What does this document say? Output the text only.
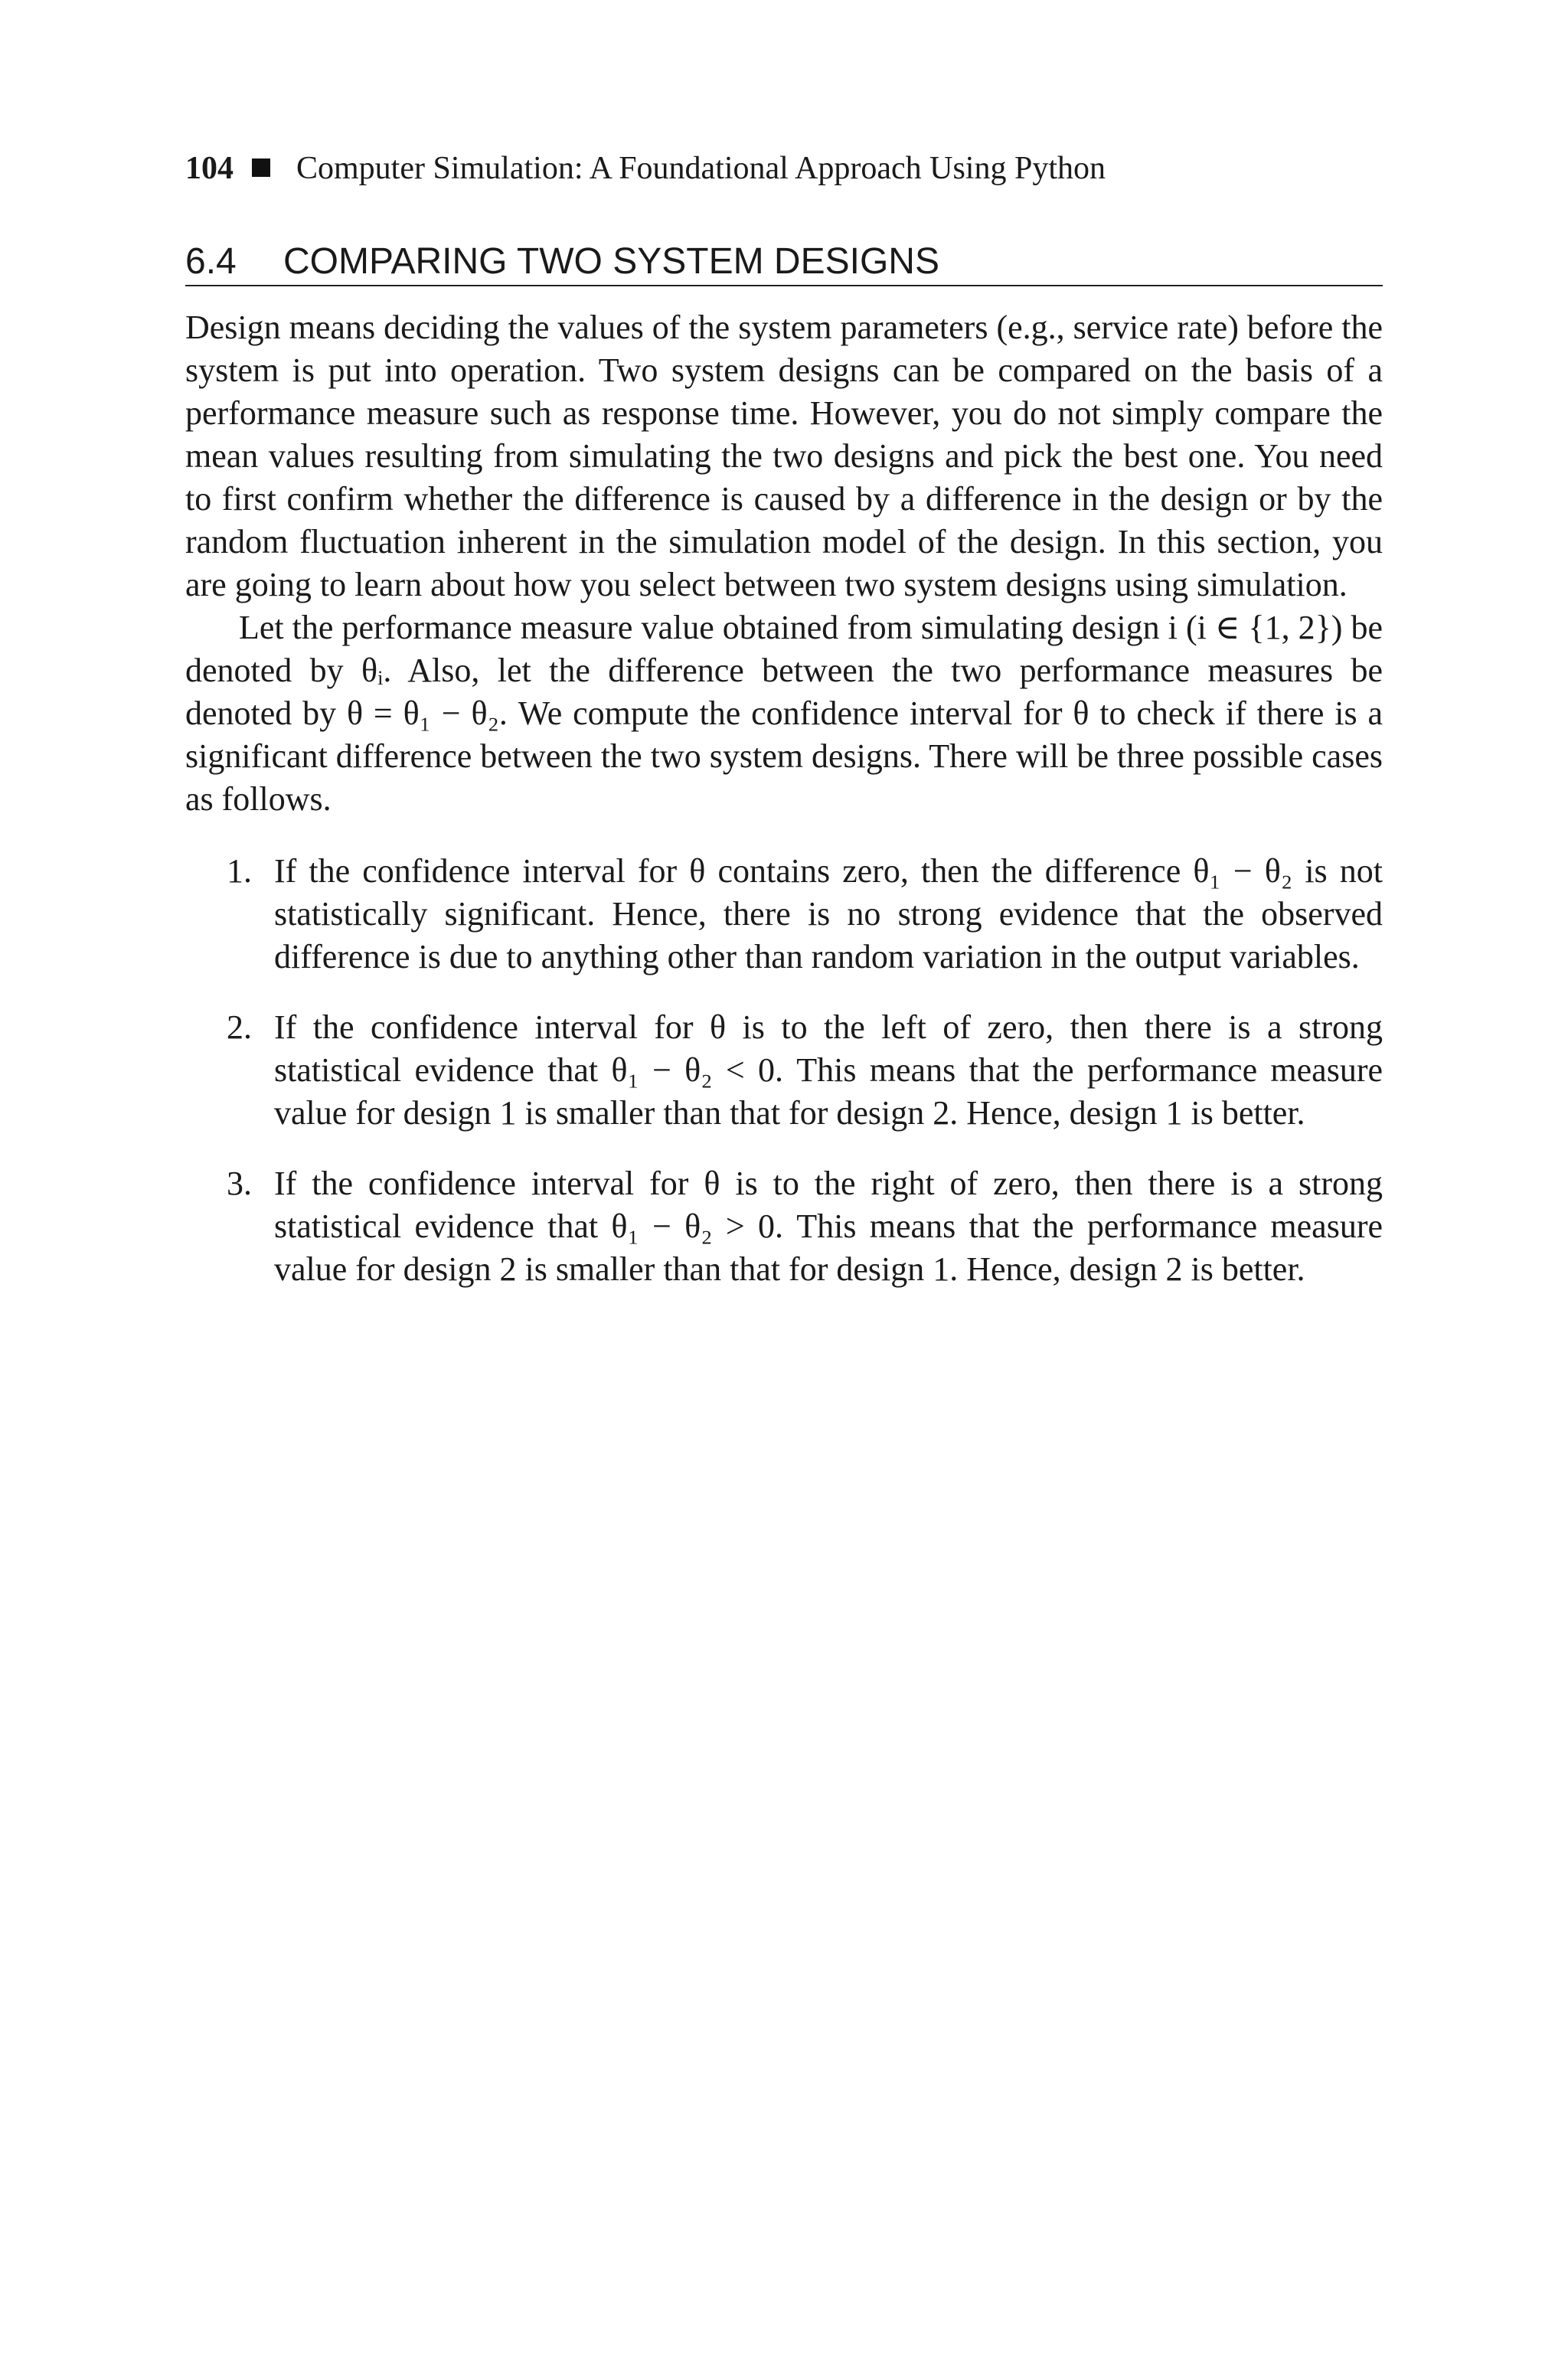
104 Computer Simulation: A Foundational Approach Using Python
6.4 COMPARING TWO SYSTEM DESIGNS

Design means deciding the values of the system parameters (e.g., service rate) before the system is put into operation. Two system designs can be compared on the basis of a performance measure such as response time. However, you do not simply compare the mean values resulting from simulating the two designs and pick the best one. You need to first confirm whether the difference is caused by a difference in the design or by the random fluctuation inherent in the simulation model of the design. In this section, you are going to learn about how you select between two system designs using simulation.

Let the performance measure value obtained from simulating design i (i ∈ {1, 2}) be denoted by θᵢ. Also, let the difference between the two performance measures be denoted by θ = θ₁ − θ₂. We compute the confidence interval for θ to check if there is a significant difference between the two system designs. There will be three possible cases as follows.

1. If the confidence interval for θ contains zero, then the difference θ₁ − θ₂ is not statistically significant. Hence, there is no strong evidence that the observed difference is due to anything other than random variation in the output variables.
2. If the confidence interval for θ is to the left of zero, then there is a strong statistical evidence that θ₁ − θ₂ < 0. This means that the performance measure value for design 1 is smaller than that for design 2. Hence, design 1 is better.
3. If the confidence interval for θ is to the right of zero, then there is a strong statistical evidence that θ₁ − θ₂ > 0. This means that the performance measure value for design 2 is smaller than that for design 1. Hence, design 2 is better.
